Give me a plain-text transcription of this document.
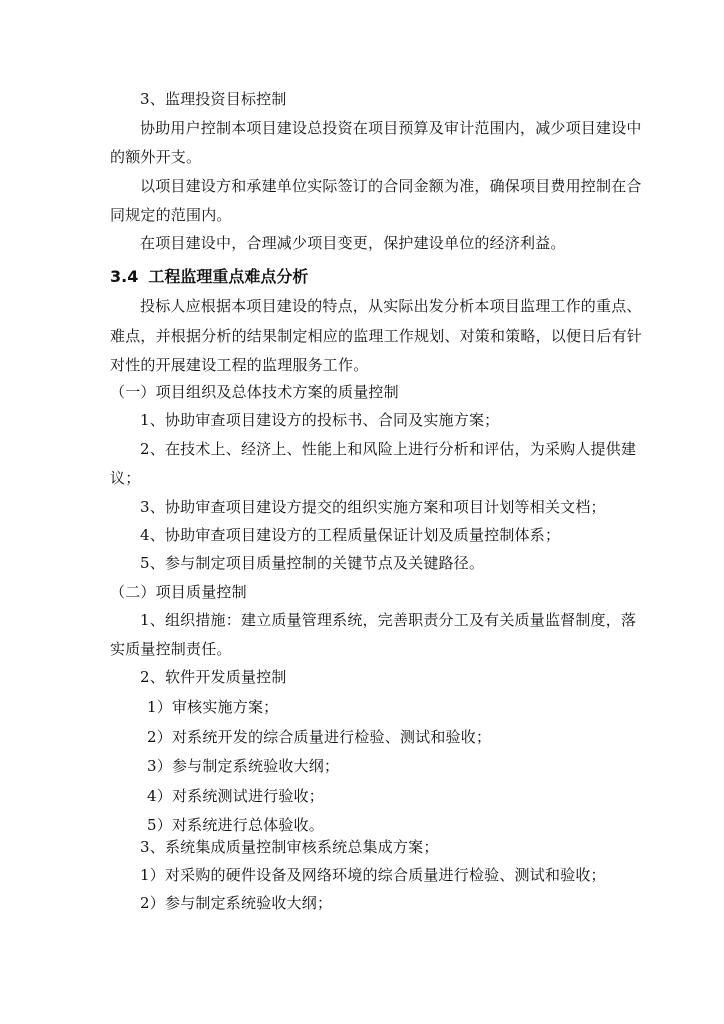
3、监理投资目标控制
协助用户控制本项目建设总投资在项目预算及审计范围内，减少项目建设中
的额外开支。
以项目建设方和承建单位实际签订的合同金额为准，确保项目费用控制在合
同规定的范围内。
在项目建设中，合理减少项目变更，保护建设单位的经济利益。
3.4 工程监理重点难点分析
投标人应根据本项目建设的特点，从实际出发分析本项目监理工作的重点、
难点，并根据分析的结果制定相应的监理工作规划、对策和策略，以便日后有针
对性的开展建设工程的监理服务工作。
（一）项目组织及总体技术方案的质量控制
1、协助审查项目建设方的投标书、合同及实施方案；
2、在技术上、经济上、性能上和风险上进行分析和评估，为采购人提供建
议；
3、协助审查项目建设方提交的组织实施方案和项目计划等相关文档；
4、协助审查项目建设方的工程质量保证计划及质量控制体系；
5、参与制定项目质量控制的关键节点及关键路径。
（二）项目质量控制
1、组织措施：建立质量管理系统，完善职责分工及有关质量监督制度，落
实质量控制责任。
2、软件开发质量控制
1）审核实施方案；
2）对系统开发的综合质量进行检验、测试和验收；
3）参与制定系统验收大纲；
4）对系统测试进行验收；
5）对系统进行总体验收。
3、系统集成质量控制审核系统总集成方案；
1）对采购的硬件设备及网络环境的综合质量进行检验、测试和验收；
2）参与制定系统验收大纲；
